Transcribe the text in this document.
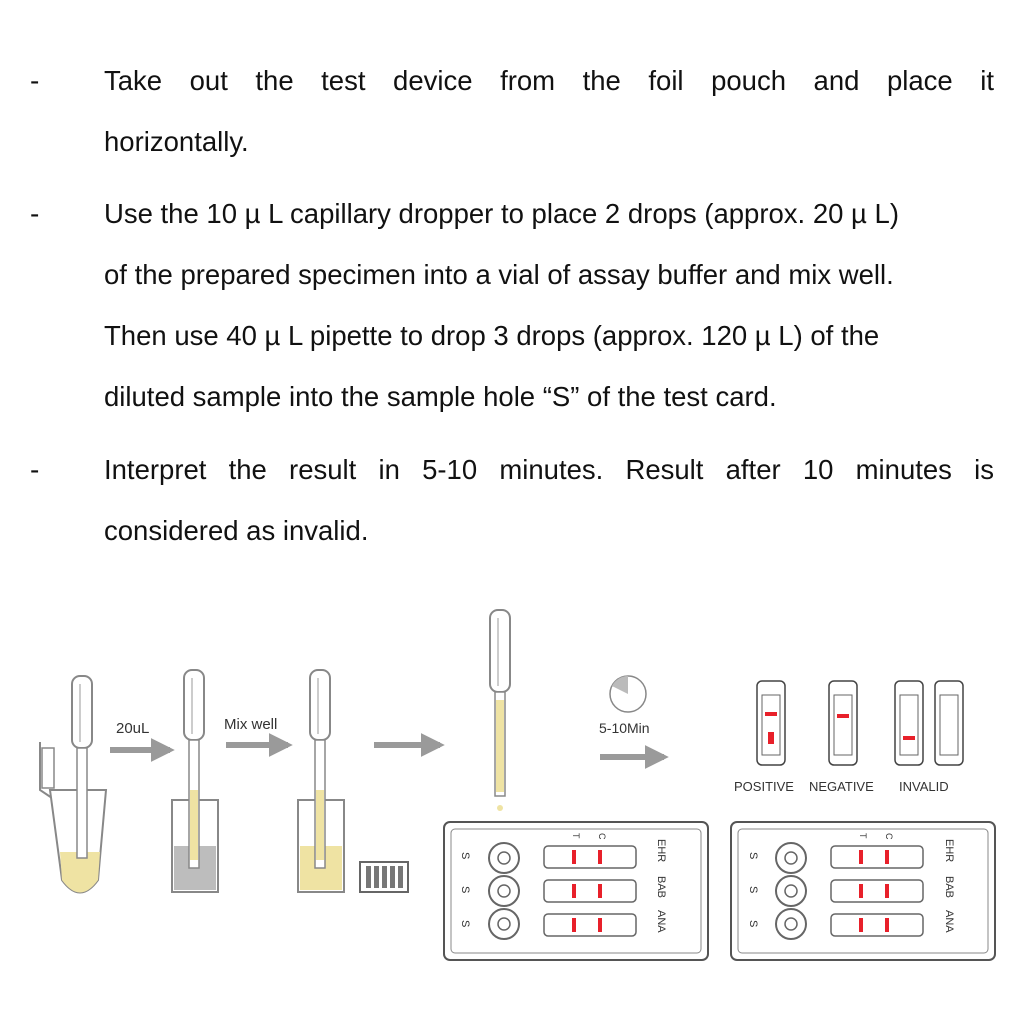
- Take out the test device from the foil pouch and place it
horizontally.
- Use the 10 µ L capillary dropper to place 2 drops (approx. 20 µ L)
of the prepared specimen into a vial of assay buffer and mix well.
Then use 40 µ L pipette to drop 3 drops (approx. 120 µ L) of the
diluted sample into the sample hole “S” of the test card.
- Interpret the result in 5-10 minutes. Result after 10 minutes is
considered as invalid.
20uL	Mix well	5-10Min
POSITIVE NEGATIVE INVALID
S
S
S
T C
EHR
BAB
ANA
S
S
S
T C
EHR
BAB
ANA
